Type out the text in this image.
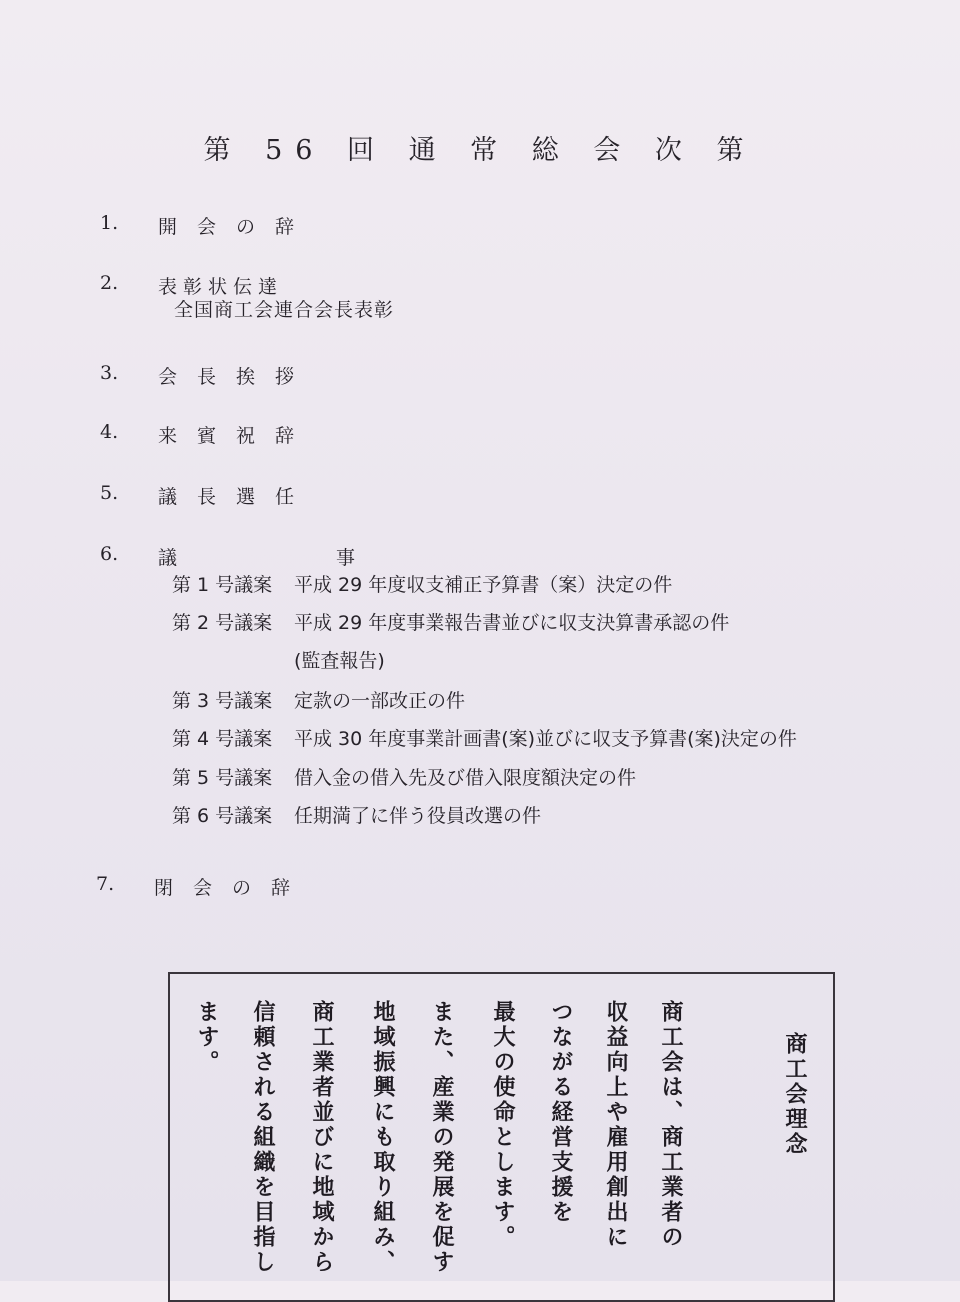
第 56 回 通 常 総 会 次 第
1.	開会の辞
2.	表彰状伝達
全国商工会連合会長表彰
3.	会長挨拶
4.	来賓祝辞
5.	議長選任
6.	議　事
第 1 号議案	平成 29 年度収支補正予算書（案）決定の件
第 2 号議案	平成 29 年度事業報告書並びに収支決算書承認の件
(監査報告)
第 3 号議案	定款の一部改正の件
第 4 号議案	平成 30 年度事業計画書(案)並びに収支予算書(案)決定の件
第 5 号議案	借入金の借入先及び借入限度額決定の件
第 6 号議案	任期満了に伴う役員改選の件
7.	閉会の辞
商工会理念
商工会は、商工業者の
収益向上や雇用創出に
つながる経営支援を
最大の使命とします。
また、産業の発展を促す
地域振興にも取り組み、
商工業者並びに地域から
信頼される組織を目指し
ます。
